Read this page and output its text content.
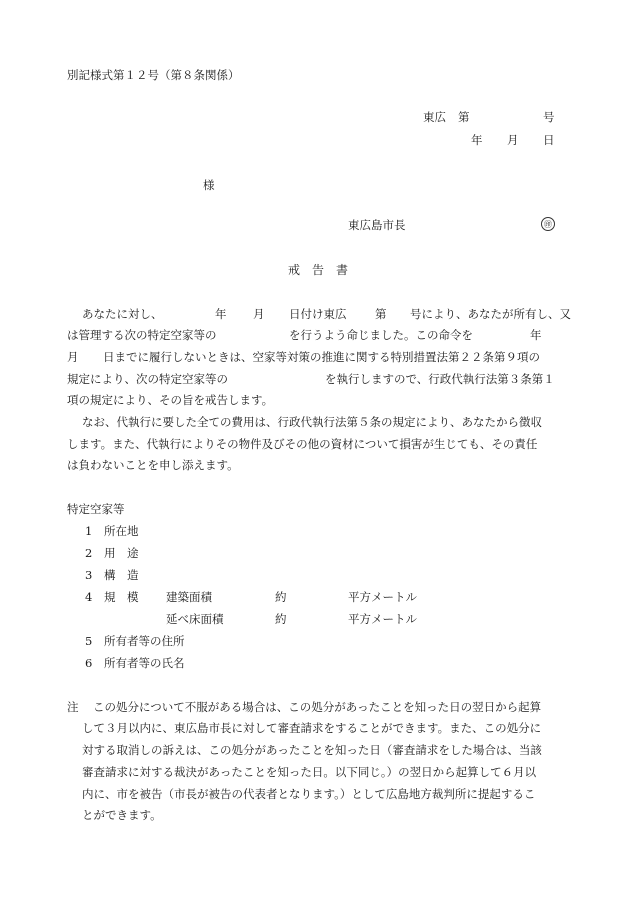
別記様式第１２号（第８条関係）
東広 第	号
年 月 日
様
東広島市長	㊞
戒告書
あなたに対し、	年 月 日付け東広 第 号により、あなたが所有し、又
は管理する次の特定空家等の	を行うよう命じました。この命令を	年
月 日までに履行しないときは、空家等対策の推進に関する特別措置法第２２条第９項の
規定により、次の特定空家等の	を執行しますので、行政代執行法第３条第１
項の規定により、その旨を戒告します。
なお、代執行に要した全ての費用は、行政代執行法第５条の規定により、あなたから徴収
します。また、代執行によりその物件及びその他の資材について損害が生じても、その責任
は負わないことを申し添えます。
特定空家等
1 所在地
2 用　途
3 構　造
4 規　模 建築面積	約	平方メートル
延べ床面積	約	平方メートル
5 所有者等の住所
6 所有者等の氏名
注 この処分について不服がある場合は、この処分があったことを知った日の翌日から起算
して３月以内に、東広島市長に対して審査請求をすることができます。また、この処分に
対する取消しの訴えは、この処分があったことを知った日（審査請求をした場合は、当該
審査請求に対する裁決があったことを知った日。以下同じ。）の翌日から起算して６月以
内に、市を被告（市長が被告の代表者となります。）として広島地方裁判所に提起するこ
とができます。
